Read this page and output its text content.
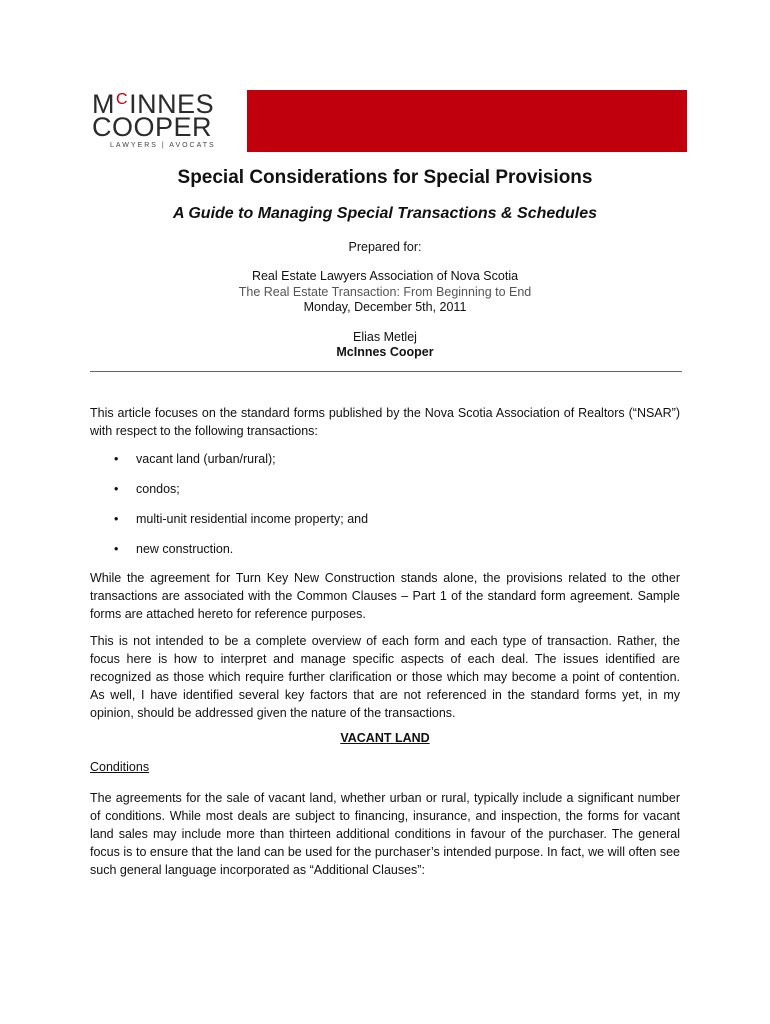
$M^CINNES$
COOPER
LAWYERS | AVOCATS
Special Considerations for Special Provisions
A Guide to Managing Special Transactions & Schedules
Prepared for:
Real Estate Lawyers Association of Nova Scotia
The Real Estate Transaction: From Beginning to End
Monday, December 5th, 2011
Elias Metlej
McInnes Cooper
This article focuses on the standard forms published by the Nova Scotia Association of Realtors (“NSAR”) with respect to the following transactions:
• vacant land (urban/rural);
• condos;
• multi-unit residential income property; and
• new construction.
While the agreement for Turn Key New Construction stands alone, the provisions related to the other transactions are associated with the Common Clauses – Part 1 of the standard form agreement. Sample forms are attached hereto for reference purposes.
This is not intended to be a complete overview of each form and each type of transaction. Rather, the focus here is how to interpret and manage specific aspects of each deal. The issues identified are recognized as those which require further clarification or those which may become a point of contention. As well, I have identified several key factors that are not referenced in the standard forms yet, in my opinion, should be addressed given the nature of the transactions.
VACANT LAND
Conditions
The agreements for the sale of vacant land, whether urban or rural, typically include a significant number of conditions. While most deals are subject to financing, insurance, and inspection, the forms for vacant land sales may include more than thirteen additional conditions in favour of the purchaser. The general focus is to ensure that the land can be used for the purchaser’s intended purpose. In fact, we will often see such general language incorporated as “Additional Clauses”:
